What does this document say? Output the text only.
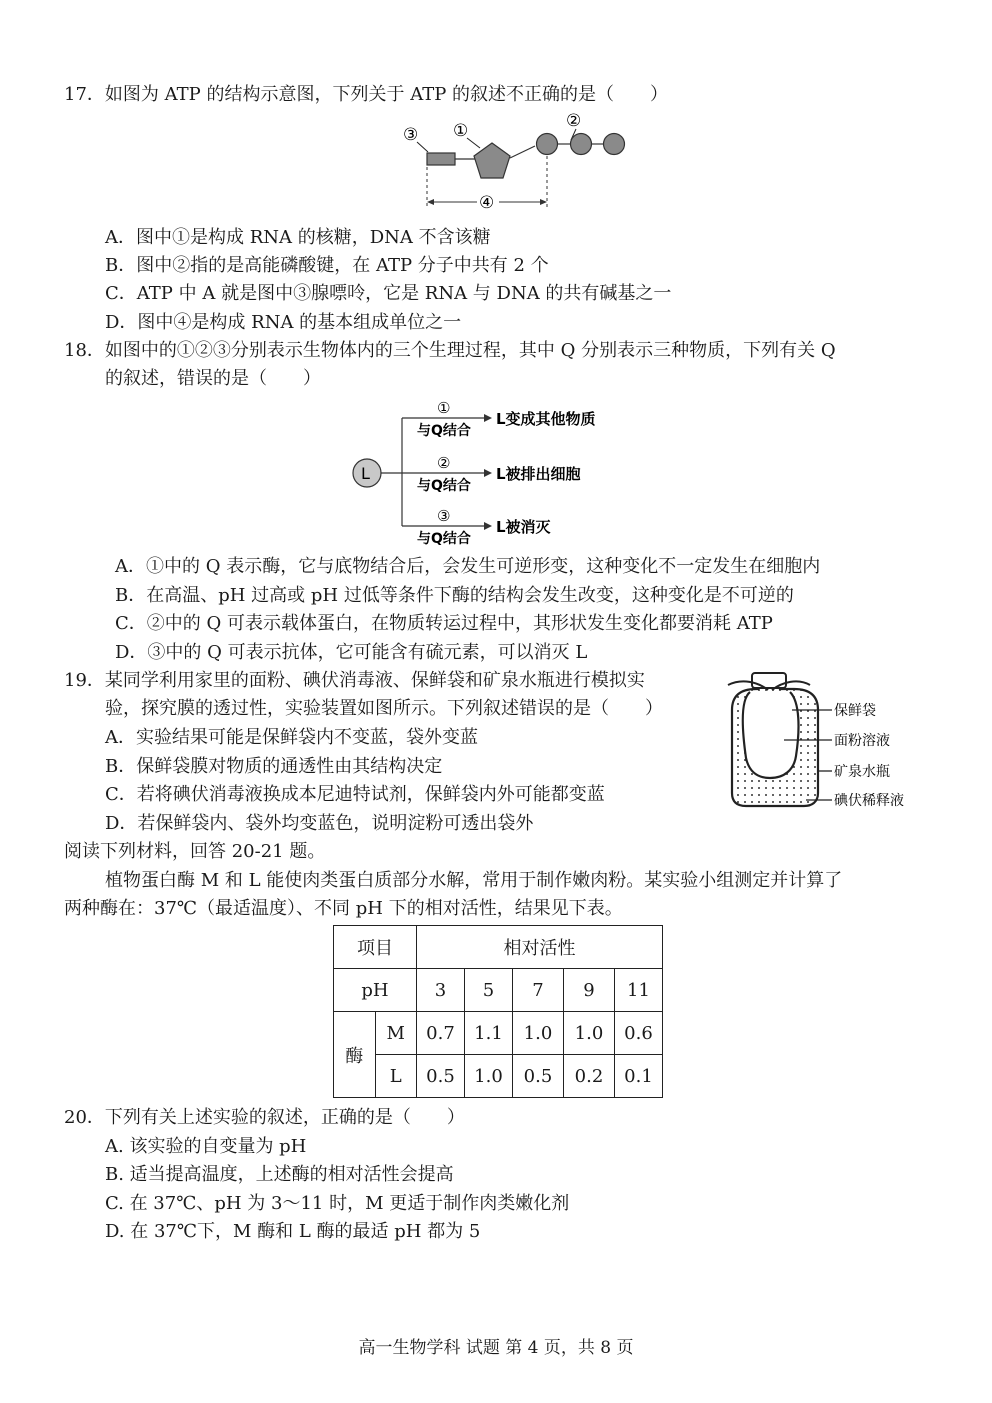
17．如图为 ATP 的结构示意图，下列关于 ATP 的叙述不正确的是（　　）
③ ①	②
④
A．图中①是构成 RNA 的核糖，DNA 不含该糖
B．图中②指的是高能磷酸键，在 ATP 分子中共有 2 个
C．ATP 中 A 就是图中③腺嘌呤，它是 RNA 与 DNA 的共有碱基之一
D．图中④是构成 RNA 的基本组成单位之一
18．如图中的①②③分别表示生物体内的三个生理过程，其中 Q 分别表示三种物质，下列有关 Q
的叙述，错误的是（　　）
L
①
与Q结合
L变成其他物质
②
与Q结合
L被排出细胞
③
与Q结合
L被消灭
A．①中的 Q 表示酶，它与底物结合后，会发生可逆形变，这种变化不一定发生在细胞内
B．在高温、pH 过高或 pH 过低等条件下酶的结构会发生改变，这种变化是不可逆的
C．②中的 Q 可表示载体蛋白，在物质转运过程中，其形状发生变化都要消耗 ATP
D．③中的 Q 可表示抗体，它可能含有硫元素，可以消灭 L
19．某同学利用家里的面粉、碘伏消毒液、保鲜袋和矿泉水瓶进行模拟实
验，探究膜的透过性，实验装置如图所示。下列叙述错误的是（　　）
A．实验结果可能是保鲜袋内不变蓝，袋外变蓝
B．保鲜袋膜对物质的通透性由其结构决定
C．若将碘伏消毒液换成本尼迪特试剂，保鲜袋内外可能都变蓝
D．若保鲜袋内、袋外均变蓝色，说明淀粉可透出袋外
保鲜袋
面粉溶液
矿泉水瓶
碘伏稀释液
阅读下列材料，回答 20-21 题。
植物蛋白酶 M 和 L 能使肉类蛋白质部分水解，常用于制作嫩肉粉。某实验小组测定并计算了
两种酶在：37℃（最适温度）、不同 pH 下的相对活性，结果见下表。
项目		相对活性				
pH		3	5	7	9	11
酶	M	0.7	1.1	1.0	1.0	0.6
	L	0.5	1.0	0.5	0.2	0.1
20．下列有关上述实验的叙述，正确的是（　　）
A. 该实验的自变量为 pH
B. 适当提高温度，上述酶的相对活性会提高
C. 在 37℃、pH 为 3～11 时，M 更适于制作肉类嫩化剂
D. 在 37℃下，M 酶和 L 酶的最适 pH 都为 5
高一生物学科 试题 第 4 页，共 8 页
